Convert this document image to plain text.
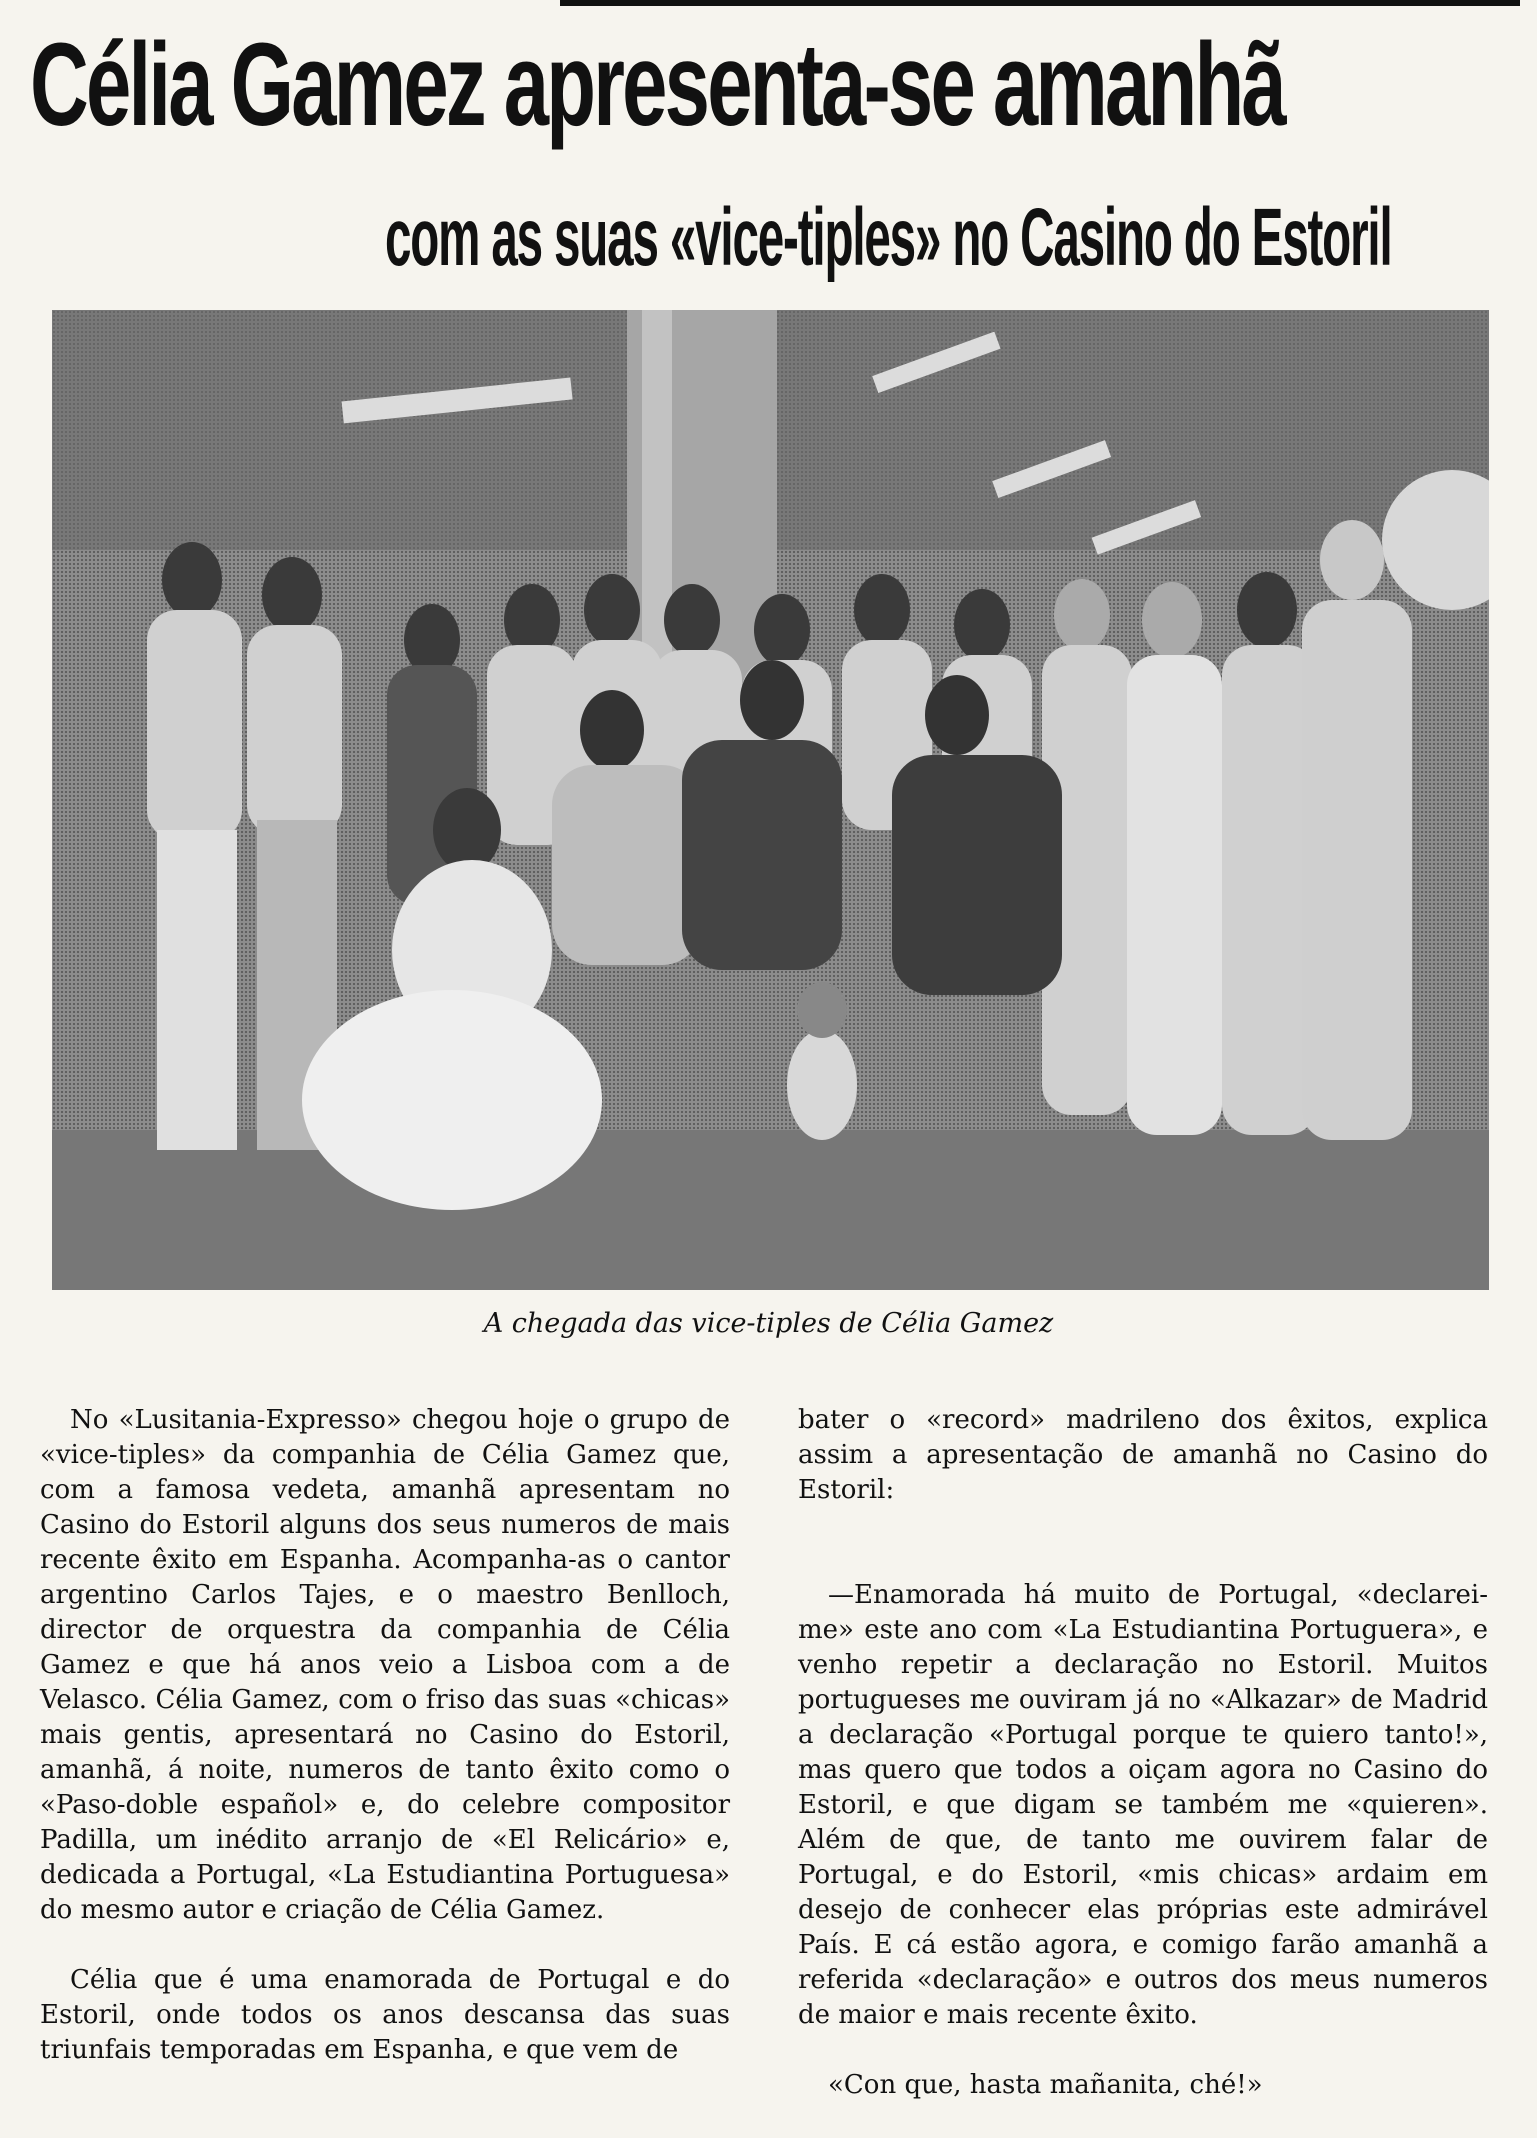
Célia Gamez apresenta-se amanhã
com as suas «vice-tiples» no Casino do Estoril
A chegada das vice-tiples de Célia Gamez

No «Lusitania-Expresso» chegou hoje o grupo de «vice-tiples» da companhia de Célia Gamez que, com a famosa vedeta, amanhã apresentam no Casino do Estoril alguns dos seus numeros de mais recente êxito em Espanha. Acompanha-as o cantor argentino Carlos Tajes, e o maestro Benlloch, director de orquestra da companhia de Célia Gamez e que há anos veio a Lisboa com a de Velasco. Célia Gamez, com o friso das suas «chicas» mais gentis, apresentará no Casino do Estoril, amanhã, á noite, numeros de tanto êxito como o «Paso-doble español» e, do celebre compositor Padilla, um inédito arranjo de «El Relicário» e, dedicada a Portugal, «La Estudiantina Portuguesa» do mesmo autor e criação de Célia Gamez.

Célia que é uma enamorada de Portugal e do Estoril, onde todos os anos descansa das suas triunfais temporadas em Espanha, e que vem de

bater o «record» madrileno dos êxitos, explica assim a apresentação de amanhã no Casino do Estoril:

—Enamorada há muito de Portugal, «declarei-me» este ano com «La Estudiantina Portuguera», e venho repetir a declaração no Estoril. Muitos portugueses me ouviram já no «Alkazar» de Madrid a declaração «Portugal porque te quiero tanto!», mas quero que todos a oiçam agora no Casino do Estoril, e que digam se também me «quieren». Além de que, de tanto me ouvirem falar de Portugal, e do Estoril, «mis chicas» ardaim em desejo de conhecer elas próprias este admirável País. E cá estão agora, e comigo farão amanhã a referida «declaração» e outros dos meus numeros de maior e mais recente êxito.

«Con que, hasta mañanita, ché!»
